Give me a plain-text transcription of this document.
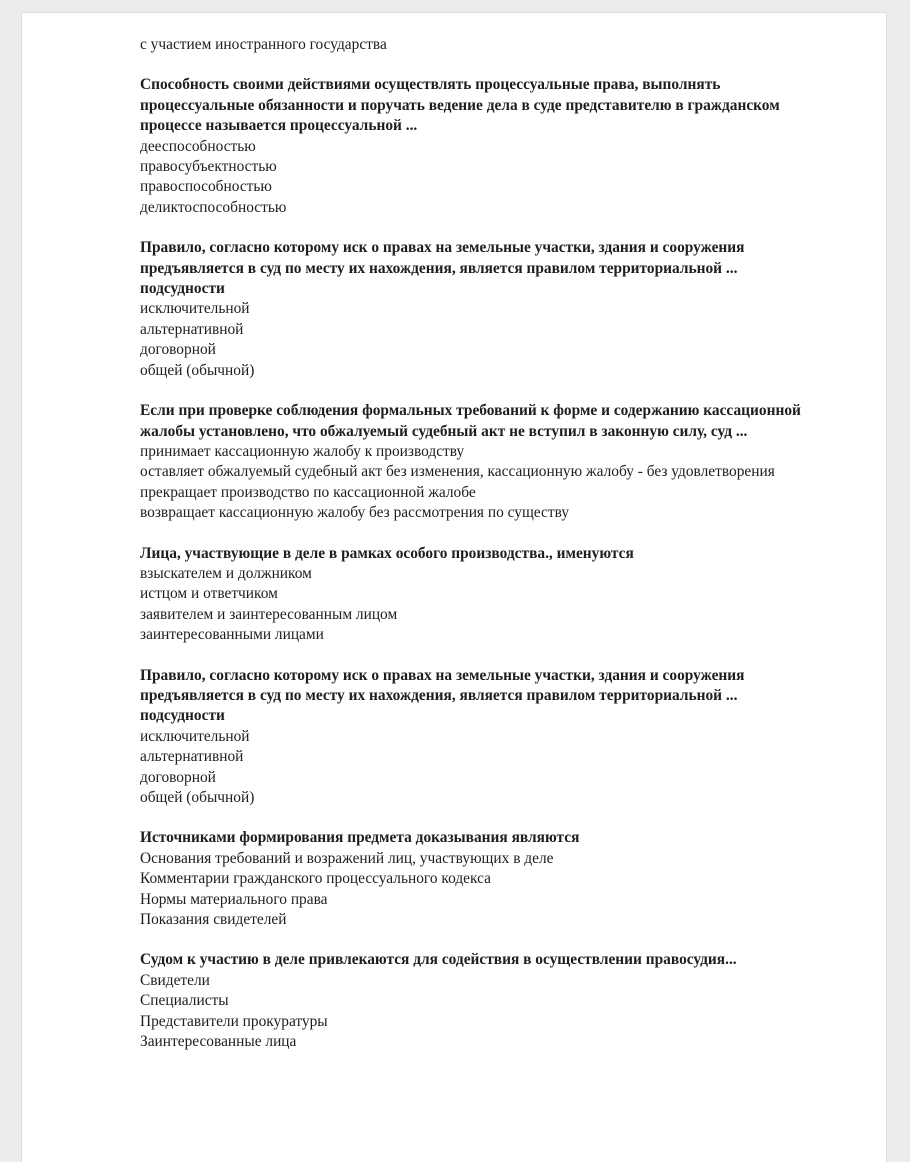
с участием иностранного государства

Способность своими действиями осуществлять процессуальные права, выполнять процессуальные обязанности и поручать ведение дела в суде представителю в гражданском процессе называется процессуальной ...

дееспособностью
правосубъектностью
правоспособностью
деликтоспособностью

Правило, согласно которому иск о правах на земельные участки, здания и сооружения предъявляется в суд по месту их нахождения, является правилом территориальной ... подсудности

исключительной
альтернативной
договорной
общей (обычной)

Если при проверке соблюдения формальных требований к форме и содержанию кассационной жалобы установлено, что обжалуемый судебный акт не вступил в законную силу, суд ...

принимает кассационную жалобу к производству
оставляет обжалуемый судебный акт без изменения, кассационную жалобу - без удовлетворения
прекращает производство по кассационной жалобе
возвращает кассационную жалобу без рассмотрения по существу

Лица, участвующие в деле в рамках особого производства., именуются

взыскателем и должником
истцом и ответчиком
заявителем и заинтересованным лицом
заинтересованными лицами

Правило, согласно которому иск о правах на земельные участки, здания и сооружения предъявляется в суд по месту их нахождения, является правилом территориальной ... подсудности

исключительной
альтернативной
договорной
общей (обычной)

Источниками формирования предмета доказывания являются

Основания требований и возражений лиц, участвующих в деле
Комментарии гражданского процессуального кодекса
Нормы материального права
Показания свидетелей

Судом к участию в деле привлекаются для содействия в осуществлении правосудия...

Свидетели
Специалисты
Представители прокуратуры
Заинтересованные лица
